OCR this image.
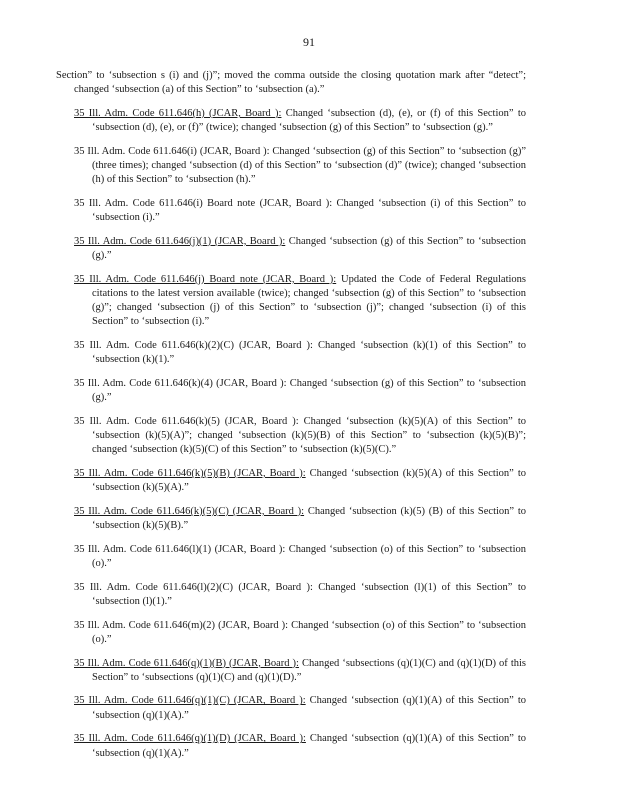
91

Section” to ‘subsection s (i) and (j)”; moved the comma outside the closing quotation mark after “detect”; changed ‘subsection (a) of this Section” to ‘subsection (a).”

35 Ill. Adm. Code 611.646(h) (JCAR, Board ): Changed ‘subsection (d), (e), or (f) of this Section” to ‘subsection (d), (e), or (f)” (twice); changed ‘subsection (g) of this Section” to ‘subsection (g).”

35 Ill. Adm. Code 611.646(i) (JCAR, Board ): Changed ‘subsection (g) of this Section” to ‘subsection (g)” (three times); changed ‘subsection (d) of this Section” to ‘subsection (d)” (twice); changed ‘subsection (h) of this Section” to ‘subsection (h).”

35 Ill. Adm. Code 611.646(i) Board note (JCAR, Board ): Changed ‘subsection (i) of this Section” to ‘subsection (i).”

35 Ill. Adm. Code 611.646(j)(1) (JCAR, Board ): Changed ‘subsection (g) of this Section” to ‘subsection (g).”

35 Ill. Adm. Code 611.646(j) Board note (JCAR, Board ): Updated the Code of Federal Regulations citations to the latest version available (twice); changed ‘subsection (g) of this Section” to ‘subsection (g)”; changed ‘subsection (j) of this Section” to ‘subsection (j)”; changed ‘subsection (i) of this Section” to ‘subsection (i).”

35 Ill. Adm. Code 611.646(k)(2)(C) (JCAR, Board ): Changed ‘subsection (k)(1) of this Section” to ‘subsection (k)(1).”

35 Ill. Adm. Code 611.646(k)(4) (JCAR, Board ): Changed ‘subsection (g) of this Section” to ‘subsection (g).”

35 Ill. Adm. Code 611.646(k)(5) (JCAR, Board ): Changed ‘subsection (k)(5)(A) of this Section” to ‘subsection (k)(5)(A)”; changed ‘subsection (k)(5)(B) of this Section” to ‘subsection (k)(5)(B)”; changed ‘subsection (k)(5)(C) of this Section” to ‘subsection (k)(5)(C).”

35 Ill. Adm. Code 611.646(k)(5)(B) (JCAR, Board ): Changed ‘subsection (k)(5)(A) of this Section” to ‘subsection (k)(5)(A).”

35 Ill. Adm. Code 611.646(k)(5)(C) (JCAR, Board ): Changed ‘subsection (k)(5) (B) of this Section” to ‘subsection (k)(5)(B).”

35 Ill. Adm. Code 611.646(l)(1) (JCAR, Board ): Changed ‘subsection (o) of this Section” to ‘subsection (o).”

35 Ill. Adm. Code 611.646(l)(2)(C) (JCAR, Board ): Changed ‘subsection (l)(1) of this Section” to ‘subsection (l)(1).”

35 Ill. Adm. Code 611.646(m)(2) (JCAR, Board ): Changed ‘subsection (o) of this Section” to ‘subsection (o).”

35 Ill. Adm. Code 611.646(q)(1)(B) (JCAR, Board ): Changed ‘subsections (q)(1)(C) and (q)(1)(D) of this Section” to ‘subsections (q)(1)(C) and (q)(1)(D).”

35 Ill. Adm. Code 611.646(q)(1)(C) (JCAR, Board ): Changed ‘subsection (q)(1)(A) of this Section” to ‘subsection (q)(1)(A).”

35 Ill. Adm. Code 611.646(q)(1)(D) (JCAR, Board ): Changed ‘subsection (q)(1)(A) of this Section” to ‘subsection (q)(1)(A).”
